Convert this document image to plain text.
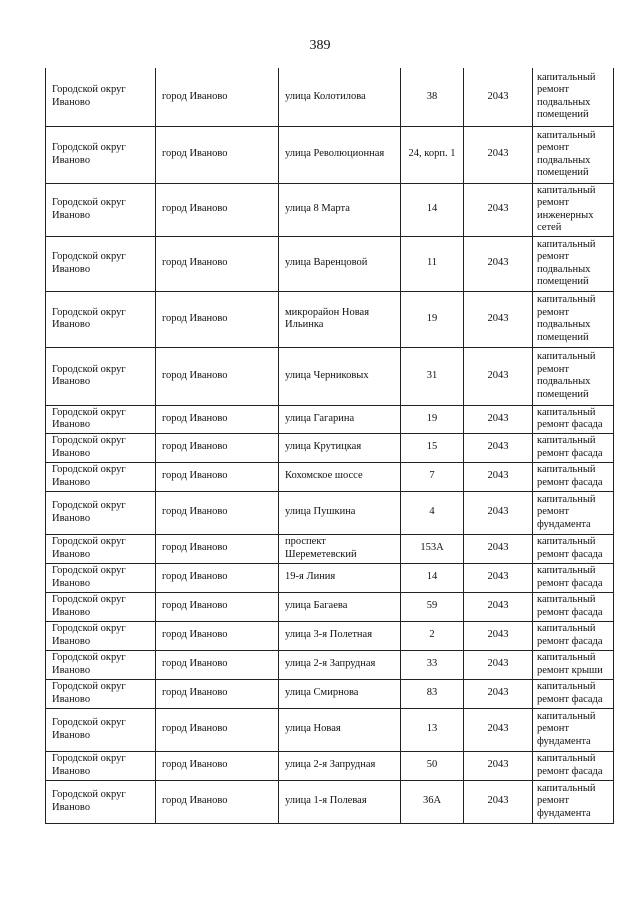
389
Городской округ Иваново	город Иваново	улица Колотилова	38	2043	капитальный ремонт подвальных помещений
Городской округ Иваново	город Иваново	улица Революционная	24, корп. 1	2043	капитальный ремонт подвальных помещений
Городской округ Иваново	город Иваново	улица 8 Марта	14	2043	капитальный ремонт инженерных сетей
Городской округ Иваново	город Иваново	улица Варенцовой	11	2043	капитальный ремонт подвальных помещений
Городской округ Иваново	город Иваново	микрорайон Новая Ильинка	19	2043	капитальный ремонт подвальных помещений
Городской округ Иваново	город Иваново	улица Черниковых	31	2043	капитальный ремонт подвальных помещений
Городской округ Иваново	город Иваново	улица Гагарина	19	2043	капитальный ремонт фасада
Городской округ Иваново	город Иваново	улица Крутицкая	15	2043	капитальный ремонт фасада
Городской округ Иваново	город Иваново	Кохомское шоссе	7	2043	капитальный ремонт фасада
Городской округ Иваново	город Иваново	улица Пушкина	4	2043	капитальный ремонт фундамента
Городской округ Иваново	город Иваново	проспект Шереметевский	153А	2043	капитальный ремонт фасада
Городской округ Иваново	город Иваново	19-я Линия	14	2043	капитальный ремонт фасада
Городской округ Иваново	город Иваново	улица Багаева	59	2043	капитальный ремонт фасада
Городской округ Иваново	город Иваново	улица 3-я Полетная	2	2043	капитальный ремонт фасада
Городской округ Иваново	город Иваново	улица 2-я Запрудная	33	2043	капитальный ремонт крыши
Городской округ Иваново	город Иваново	улица Смирнова	83	2043	капитальный ремонт фасада
Городской округ Иваново	город Иваново	улица Новая	13	2043	капитальный ремонт фундамента
Городской округ Иваново	город Иваново	улица 2-я Запрудная	50	2043	капитальный ремонт фасада
Городской округ Иваново	город Иваново	улица 1-я Полевая	36А	2043	капитальный ремонт фундамента
